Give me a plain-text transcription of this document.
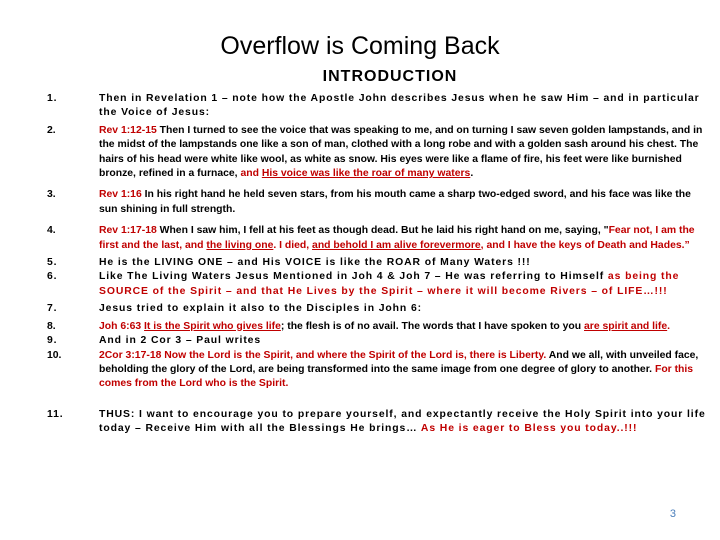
Overflow is Coming Back
INTRODUCTION
1.	Then in Revelation 1 – note how the Apostle John describes Jesus when he saw Him – and in particular the Voice of Jesus:
2.	Rev 1:12-15 Then I turned to see the voice that was speaking to me, and on turning I saw seven golden lampstands, and in the midst of the lampstands one like a son of man, clothed with a long robe and with a golden sash around his chest. The hairs of his head were white like wool, as white as snow. His eyes were like a flame of fire, his feet were like burnished bronze, refined in a furnace, and His voice was like the roar of many waters.
3.	Rev 1:16 In his right hand he held seven stars, from his mouth came a sharp two-edged sword, and his face was like the sun shining in full strength.
4.	Rev 1:17-18 When I saw him, I fell at his feet as though dead. But he laid his right hand on me, saying, "Fear not, I am the first and the last, and the living one. I died, and behold I am alive forevermore, and I have the keys of Death and Hades.”
5.	He is the LIVING ONE – and His VOICE is like the ROAR of Many Waters !!!
6.	Like The Living Waters Jesus Mentioned in Joh 4 & Joh 7 – He was referring to Himself as being the SOURCE of the Spirit – and that He Lives by the Spirit – where it will become Rivers – of LIFE…!!!
7.	Jesus tried to explain it also to the Disciples in John 6:
8.	Joh 6:63 It is the Spirit who gives life; the flesh is of no avail. The words that I have spoken to you are spirit and life.
9.	And in 2 Cor 3 – Paul writes
10.	2Cor 3:17-18 Now the Lord is the Spirit, and where the Spirit of the Lord is, there is Liberty. And we all, with unveiled face, beholding the glory of the Lord, are being transformed into the same image from one degree of glory to another. For this comes from the Lord who is the Spirit.
11.	THUS: I want to encourage you to prepare yourself, and expectantly receive the Holy Spirit into your life today – Receive Him with all the Blessings He brings… As He is eager to Bless you today..!!!
3
